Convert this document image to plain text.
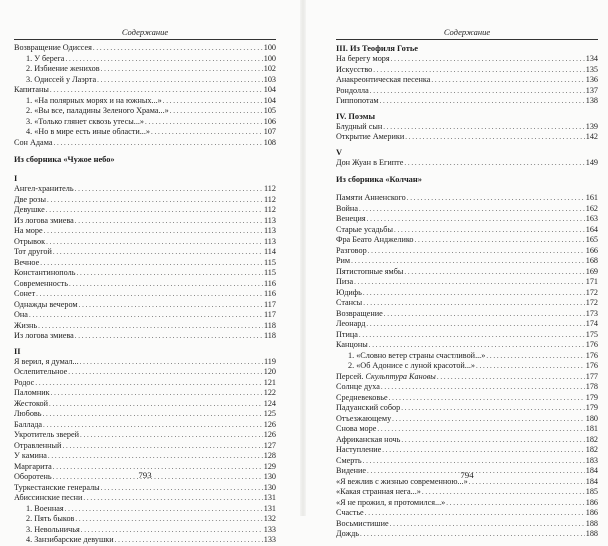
Содержание
Возвращение Одиссея . . .	100
1. У берега . . .	100
2. Избиение женихов . . .	102
3. Одиссей у Лаэрта . . .	103
Капитаны . . .	104
1. «На полярных морях и на южных...» . . .	104
2. «Вы все, паладины Зеленого Храма...» . . .	105
3. «Только глянет сквозь утесы...» . . .	106
4. «Но в мире есть иные области...» . . .	107
Сон Адама . . .	108
Из сборника «Чужое небо»
I
Ангел-хранитель . . .	112
Две розы . . .	112
Девушке . . .	112
Из логова змиева . . .	113
На море . . .	113
Отрывок . . .	113
Тот другой . . .	114
Вечное . . .	115
Константинополь . . .	115
Современность . . .	116
Сонет . . .	116
Однажды вечером . . .	117
Она . . .	117
Жизнь . . .	118
Из логова змиева . . .	118
II
Я верил, я думал... . . .	119
Ослепительное . . .	120
Родос . . .	121
Паломник . . .	122
Жестокой . . .	124
Любовь . . .	125
Баллада . . .	126
Укротитель зверей . . .	126
Отравленный . . .	127
У камина . . .	128
Маргарита . . .	129
Оборотень . . .	130
Туркестанские генералы . . .	130
Абиссинские песни . . .	131
1. Военная . . .	131
2. Пять быков . . .	132
3. Невольничья . . .	133
4. Занзибарские девушки . . .	133
793
Содержание
III. Из Теофиля Готье
На берегу моря . . .	134
Искусство . . .	135
Анакреонтическая песенка . . .	136
Рондолла . . .	137
Гиппопотам . . .	138
IV. Поэмы
Блудный сын . . .	139
Открытие Америки . . .	142
V
Дон Жуан в Египте . . .	149
Из сборника «Колчан»
Памяти Анненского . . .	161
Война . . .	162
Венеция . . .	163
Старые усадьбы . . .	164
Фра Беато Анджелико . . .	165
Разговор . . .	166
Рим . . .	168
Пятистопные ямбы . . .	169
Пиза . . .	171
Юдифь . . .	172
Стансы . . .	172
Возвращение . . .	173
Леонард . . .	174
Птица . . .	175
Канцоны . . .	176
1. «Словно ветер страны счастливой...» . . .	176
2. «Об Адонисе с луной красотой...» . . .	176
Персей. Скульптура Кановы . . .	177
Солнце духа . . .	178
Средневековье . . .	179
Падуанский собор . . .	179
Отъезжающему . . .	180
Снова море . . .	181
Африканская ночь . . .	182
Наступление . . .	182
Смерть . . .	183
Видение . . .	184
«Я вежлив с жизнью современною...» . . .	184
«Какая странная нега...» . . .	185
«Я не прожил, я протомился...» . . .	186
Счастье . . .	186
Восьмистишие . . .	188
Дождь . . .	188
794
